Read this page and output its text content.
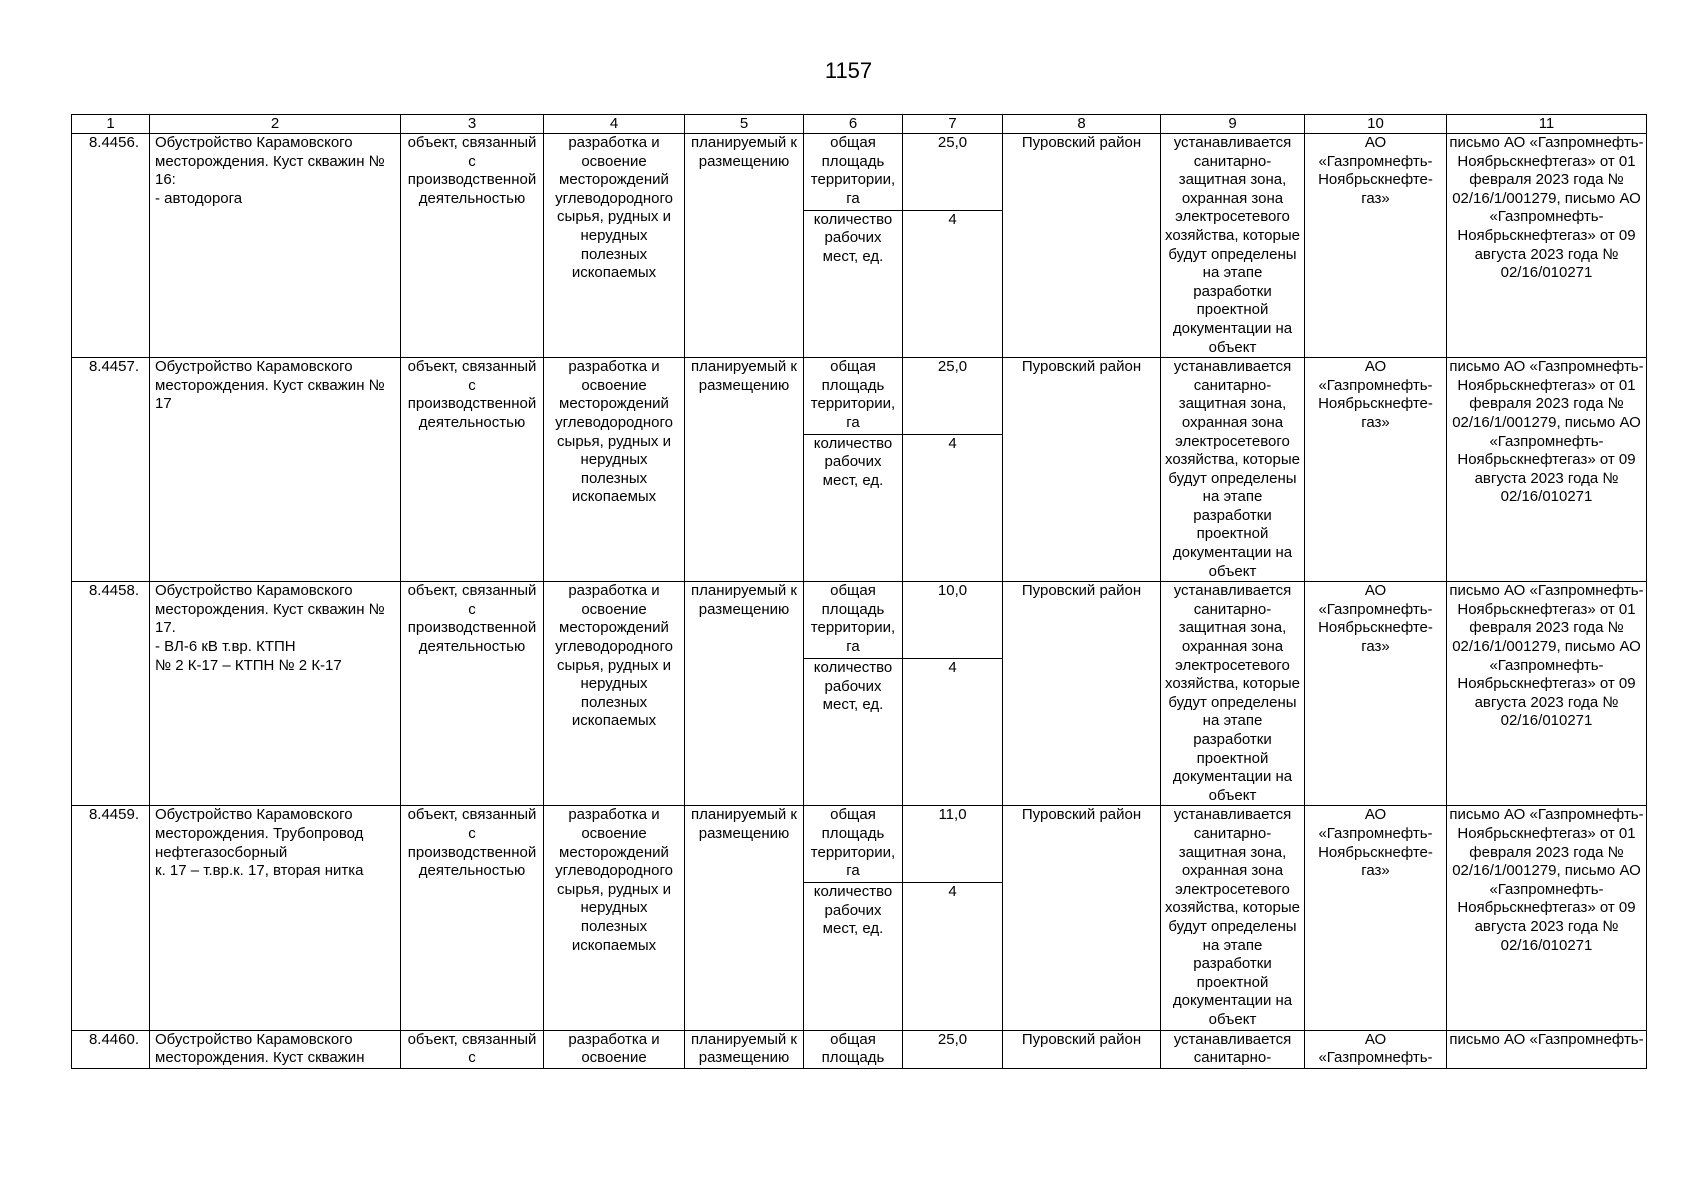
1157
1	2	3	4	5	6	7	8	9	10	11
8.4456.	Обустройство Карамовского месторождения. Куст скважин № 16:
- автодорога	объект, связанный с производственной деятельностью	разработка и освоение месторождений углеводородного сырья, рудных и нерудных полезных ископаемых	планируемый к размещению	общая площадь территории, га	25,0	Пуровский район	устанавливается санитарно-защитная зона, охранная зона электросетевого хозяйства, которые будут определены на этапе разработки проектной документации на объект	АО «Газпромнефть-Ноябрьскнефте-газ»	письмо АО «Газпромнефть-Ноябрьскнефтегаз» от 01 февраля 2023 года № 02/16/1/001279, письмо АО «Газпромнефть-Ноябрьскнефтегаз» от 09 августа 2023 года № 02/16/010271
					количество рабочих мест, ед.	4				
8.4457.	Обустройство Карамовского месторождения. Куст скважин № 17	объект, связанный с производственной деятельностью	разработка и освоение месторождений углеводородного сырья, рудных и нерудных полезных ископаемых	планируемый к размещению	общая площадь территории, га	25,0	Пуровский район	устанавливается санитарно-защитная зона, охранная зона электросетевого хозяйства, которые будут определены на этапе разработки проектной документации на объект	АО «Газпромнефть-Ноябрьскнефте-газ»	письмо АО «Газпромнефть-Ноябрьскнефтегаз» от 01 февраля 2023 года № 02/16/1/001279, письмо АО «Газпромнефть-Ноябрьскнефтегаз» от 09 августа 2023 года № 02/16/010271
					количество рабочих мест, ед.	4				
8.4458.	Обустройство Карамовского месторождения. Куст скважин № 17.
- ВЛ-6 кВ т.вр. КТПН
№ 2 К-17 – КТПН № 2 К-17	объект, связанный с производственной деятельностью	разработка и освоение месторождений углеводородного сырья, рудных и нерудных полезных ископаемых	планируемый к размещению	общая площадь территории, га	10,0	Пуровский район	устанавливается санитарно-защитная зона, охранная зона электросетевого хозяйства, которые будут определены на этапе разработки проектной документации на объект	АО «Газпромнефть-Ноябрьскнефте-газ»	письмо АО «Газпромнефть-Ноябрьскнефтегаз» от 01 февраля 2023 года № 02/16/1/001279, письмо АО «Газпромнефть-Ноябрьскнефтегаз» от 09 августа 2023 года № 02/16/010271
					количество рабочих мест, ед.	4				
8.4459.	Обустройство Карамовского месторождения. Трубопровод нефтегазосборный
к. 17 – т.вр.к. 17, вторая нитка	объект, связанный с производственной деятельностью	разработка и освоение месторождений углеводородного сырья, рудных и нерудных полезных ископаемых	планируемый к размещению	общая площадь территории, га	11,0	Пуровский район	устанавливается санитарно-защитная зона, охранная зона электросетевого хозяйства, которые будут определены на этапе разработки проектной документации на объект	АО «Газпромнефть-Ноябрьскнефте-газ»	письмо АО «Газпромнефть-Ноябрьскнефтегаз» от 01 февраля 2023 года № 02/16/1/001279, письмо АО «Газпромнефть-Ноябрьскнефтегаз» от 09 августа 2023 года № 02/16/010271
					количество рабочих мест, ед.	4				
8.4460.	Обустройство Карамовского месторождения. Куст скважин	объект, связанный с	разработка и освоение	планируемый к размещению	общая площадь	25,0	Пуровский район	устанавливается санитарно-	АО «Газпромнефть-	письмо АО «Газпромнефть-
